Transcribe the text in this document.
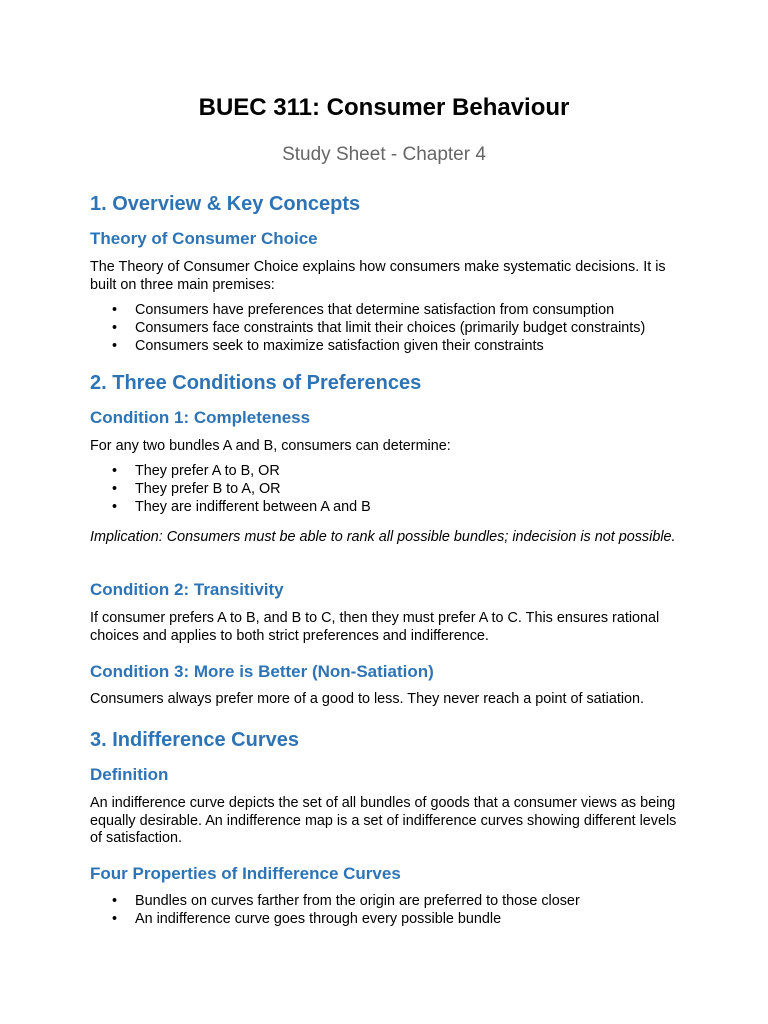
BUEC 311: Consumer Behaviour

Study Sheet - Chapter 4

1. Overview & Key Concepts
Theory of Consumer Choice

The Theory of Consumer Choice explains how consumers make systematic decisions. It is built on three main premises:

• Consumers have preferences that determine satisfaction from consumption
• Consumers face constraints that limit their choices (primarily budget constraints)
• Consumers seek to maximize satisfaction given their constraints
2. Three Conditions of Preferences
Condition 1: Completeness

For any two bundles A and B, consumers can determine:

• They prefer A to B, OR
• They prefer B to A, OR
• They are indifferent between A and B

Implication: Consumers must be able to rank all possible bundles; indecision is not possible.

Condition 2: Transitivity

If consumer prefers A to B, and B to C, then they must prefer A to C. This ensures rational choices and applies to both strict preferences and indifference.

Condition 3: More is Better (Non-Satiation)

Consumers always prefer more of a good to less. They never reach a point of satiation.

3. Indifference Curves
Definition

An indifference curve depicts the set of all bundles of goods that a consumer views as being equally desirable. An indifference map is a set of indifference curves showing different levels of satisfaction.

Four Properties of Indifference Curves
• Bundles on curves farther from the origin are preferred to those closer
• An indifference curve goes through every possible bundle
